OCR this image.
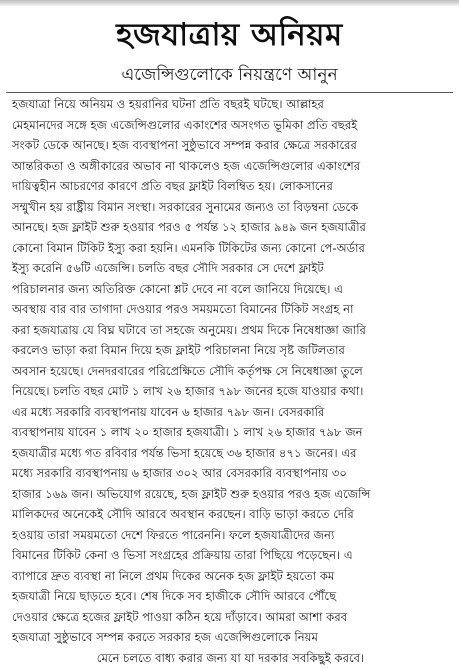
হজযাত্রায় অনিয়ম
এজেন্সিগুলোকে নিয়ন্ত্রণে আনুন
হজযাত্রা নিয়ে অনিয়ম ও হয়রানির ঘটনা প্রতি বছরই ঘটছে। আল্লাহর
মেহমানদের সঙ্গে হজ এজেন্সিগুলোর একাংশের অসংগত ভূমিকা প্রতি বছরই
সংকট ডেকে আনছে। হজ ব্যবস্থাপনা সুষ্ঠুভাবে সম্পন্ন করার ক্ষেত্রে সরকারের
আন্তরিকতা ও অঙ্গীকারের অভাব না থাকলেও হজ এজেন্সিগুলোর একাংশের
দায়িত্বহীন আচরণের কারণে প্রতি বছর ফ্লাইট বিলম্বিত হয়। লোকসানের
সম্মুখীন হয় রাষ্ট্রীয় বিমান সংস্থা। সরকারের সুনামের জন্যও তা বিড়ম্বনা ডেকে
আনছে। হজ ফ্লাইট শুরু হওয়ার পরও ৫ পর্যন্ত ১২ হাজার ৯৪৯ জন হজযাত্রীর
কোনো বিমান টিকিট ইস্যু করা হয়নি। এমনকি টিকিটের জন্য কোনো পে-অর্ডার
ইস্যু করেনি ৫৬টি এজেন্সি। চলতি বছর সৌদি সরকার সে দেশে ফ্লাইট
পরিচালনার জন্য অতিরিক্ত কোনো শ্লট দেবে না বলে জানিয়ে দিয়েছে। এ
অবস্থায় বার বার তাগাদা দেওয়ার পরও সময়মতো বিমানের টিকিট সংগ্রহ না
করা হজযাত্রায় যে বিঘ্ন ঘটাবে তা সহজে অনুমেয়। প্রথম দিকে নিষেধাজ্ঞা জারি
করলেও ভাড়া করা বিমান দিয়ে হজ ফ্লাইট পরিচালনা নিয়ে সৃষ্ট জটিলতার
অবসান হয়েছে। দেনদরবারের পরিপ্রেক্ষিতে সৌদি কর্তৃপক্ষ সে নিষেধাজ্ঞা তুলে
নিয়েছে। চলতি বছর মোট ১ লাখ ২৬ হাজার ৭৯৮ জনের হজে যাওয়ার কথা।
এর মধ্যে সরকারি ব্যবস্থাপনায় যাবেন ৬ হাজার ৭৯৮ জন। বেসরকারি
ব্যবস্থাপনায় যাবেন ১ লাখ ২০ হাজার হজযাত্রী। ১ লাখ ২৬ হাজার ৭৯৮ জন
হজযাত্রীর মধ্যে গত রবিবার পর্যন্ত ভিসা হয়েছে ৩৬ হাজার ৪৭১ জনের। এর
মধ্যে সরকারি ব্যবস্থাপনায় ৬ হাজার ৩০২ আর বেসরকারি ব্যবস্থাপনায় ৩০
হাজার ১৬৯ জন। অভিযোগ রয়েছে, হজ ফ্লাইট শুরু হওয়ার পরও হজ এজেন্সি
মালিকদের অনেকেই সৌদি আরবে অবস্থান করছেন। বাড়ি ভাড়া করতে দেরি
হওয়ায় তারা সময়মতো দেশে ফিরতে পারেননি। ফলে হজযাত্রীদের জন্য
বিমানের টিকিট কেনা ও ভিসা সংগ্রহের প্রক্রিয়ায় তারা পিছিয়ে পড়েছেন। এ
ব্যাপারে দ্রুত ব্যবস্থা না নিলে প্রথম দিকের অনেক হজ ফ্লাইট হয়তো কম
হজযাত্রী নিয়ে ছাড়তে হবে। শেষ দিকে সব হাজীকে সৌদি আরবে পৌঁছে
দেওয়ার ক্ষেত্রে হজের ফ্লাইট পাওয়া কঠিন হয়ে দাঁড়াবে। আমরা আশা করব
হজযাত্রা সুষ্ঠুভাবে সম্পন্ন করতে সরকার হজ এজেন্সিগুলোকে নিয়ম
মেনে চলতে বাধ্য করার জন্য যা যা দরকার সবকিছুই করবে।
